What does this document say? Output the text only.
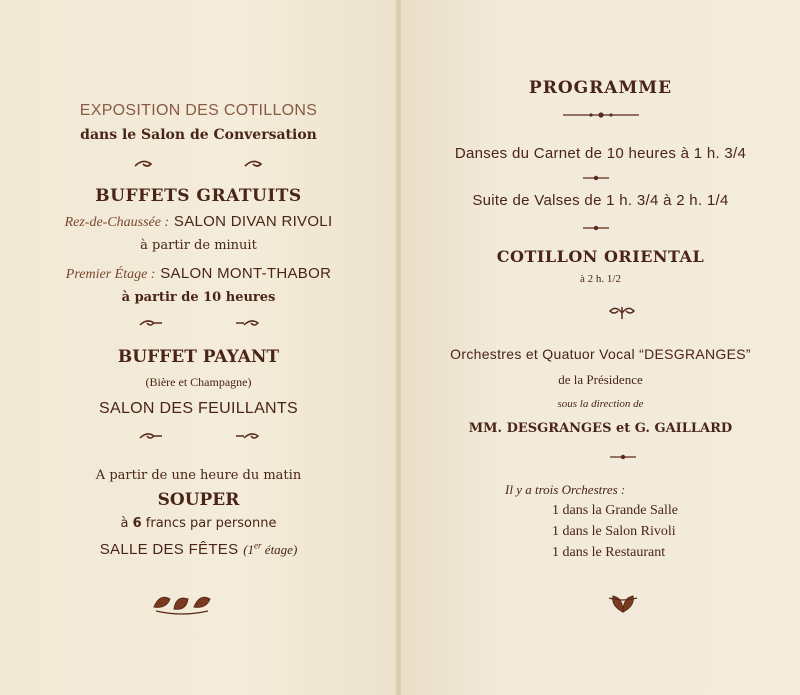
EXPOSITION DES COTILLONS
dans le Salon de Conversation
BUFFETS GRATUITS
Rez-de-Chaussée : SALON DIVAN RIVOLI
à partir de minuit
Premier Étage : SALON MONT-THABOR
à partir de 10 heures
BUFFET PAYANT
(Bière et Champagne)
SALON DES FEUILLANTS
A partir de une heure du matin
SOUPER
à 6 francs par personne
SALLE DES FÊTES (1er étage)
PROGRAMME
Danses du Carnet de 10 heures à 1 h. 3/4
Suite de Valses de 1 h. 3/4 à 2 h. 1/4
COTILLON ORIENTAL
à 2 h. 1/2
Orchestres et Quatuor Vocal “DESGRANGES”
de la Présidence
sous la direction de
MM. DESGRANGES et G. GAILLARD
Il y a trois Orchestres :
1 dans la Grande Salle
1 dans le Salon Rivoli
1 dans le Restaurant
